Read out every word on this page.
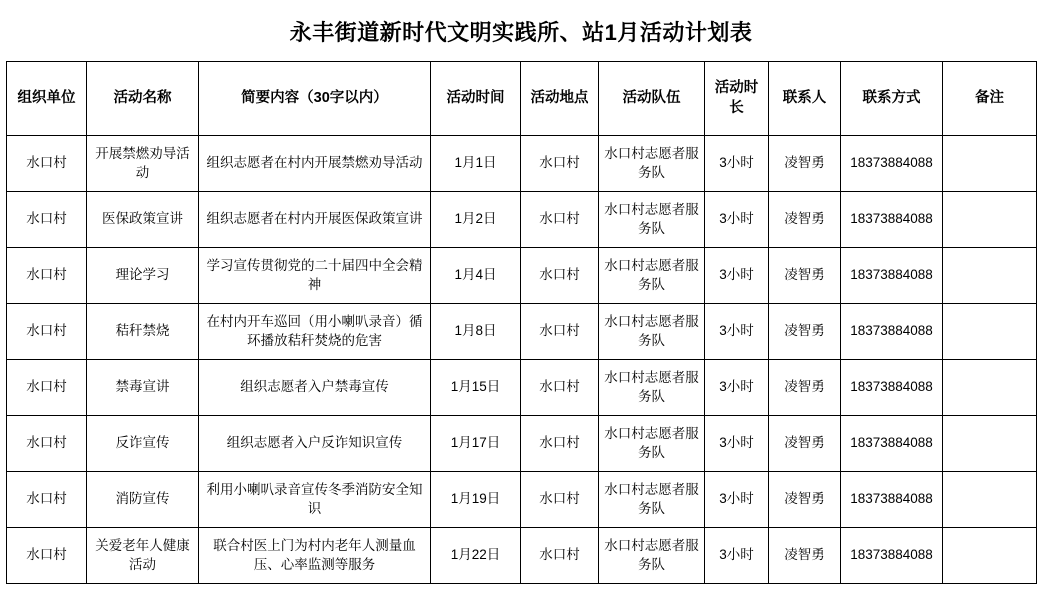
永丰街道新时代文明实践所、站1月活动计划表
组织单位	活动名称	简要内容（30字以内）	活动时间	活动地点	活动队伍	活动时长	联系人	联系方式	备注
水口村	开展禁燃劝导活动	组织志愿者在村内开展禁燃劝导活动	1月1日	水口村	水口村志愿者服务队	3小时	凌智勇	18373884088	
水口村	医保政策宣讲	组织志愿者在村内开展医保政策宣讲	1月2日	水口村	水口村志愿者服务队	3小时	凌智勇	18373884088	
水口村	理论学习	学习宣传贯彻党的二十届四中全会精神	1月4日	水口村	水口村志愿者服务队	3小时	凌智勇	18373884088	
水口村	秸秆禁烧	在村内开车巡回（用小喇叭录音）循环播放秸秆焚烧的危害	1月8日	水口村	水口村志愿者服务队	3小时	凌智勇	18373884088	
水口村	禁毒宣讲	组织志愿者入户禁毒宣传	1月15日	水口村	水口村志愿者服务队	3小时	凌智勇	18373884088	
水口村	反诈宣传	组织志愿者入户反诈知识宣传	1月17日	水口村	水口村志愿者服务队	3小时	凌智勇	18373884088	
水口村	消防宣传	利用小喇叭录音宣传冬季消防安全知识	1月19日	水口村	水口村志愿者服务队	3小时	凌智勇	18373884088	
水口村	关爱老年人健康活动	联合村医上门为村内老年人测量血压、心率监测等服务	1月22日	水口村	水口村志愿者服务队	3小时	凌智勇	18373884088	
